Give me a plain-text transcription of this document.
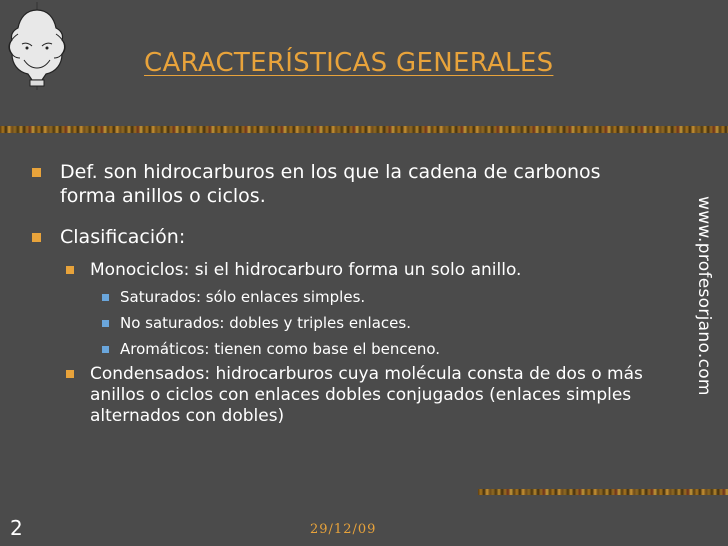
CARACTERÍSTICAS GENERALES
www.profesorjano.com
Def. son hidrocarburos en los que la cadena de carbonos forma anillos o ciclos.
Clasificación:
Monociclos: si el hidrocarburo forma un solo anillo.
Saturados: sólo enlaces simples.
No saturados: dobles y triples enlaces.
Aromáticos: tienen como base el benceno.
Condensados: hidrocarburos cuya molécula consta de dos o más anillos o ciclos con enlaces dobles conjugados (enlaces simples alternados con dobles)
2	29/12/09
